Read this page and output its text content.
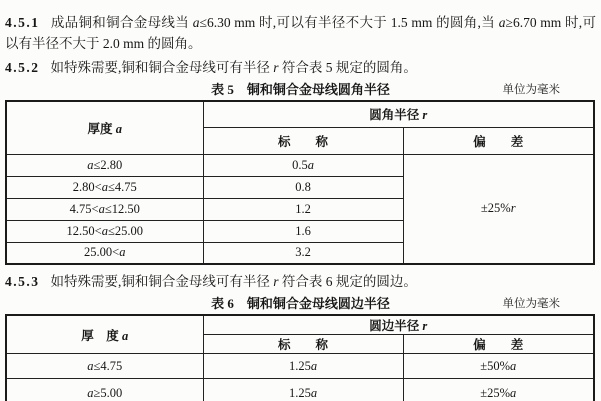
4.5.1 成品铜和铜合金母线当 a≤6.30 mm 时,可以有半径不大于 1.5 mm 的圆角,当 a≥6.70 mm 时,可以有半径不大于 2.0 mm 的圆角。

4.5.2 如特殊需要,铜和铜合金母线可有半径 r 符合表 5 规定的圆角。

表 5　铜和铜合金母线圆角半径	单位为毫米
厚度 a	圆角半径 r	
	标　　称	偏　　差
a≤2.80	0.5a	±25%r
2.80<a≤4.75	0.8	
4.75<a≤12.50	1.2	
12.50<a≤25.00	1.6	
25.00<a	3.2	

4.5.3 如特殊需要,铜和铜合金母线可有半径 r 符合表 6 规定的圆边。

表 6　铜和铜合金母线圆边半径	单位为毫米
厚　度 a	圆边半径 r	
	标　　称	偏　　差
a≤4.75	1.25a	±50%a
a≥5.00	1.25a	±25%a
